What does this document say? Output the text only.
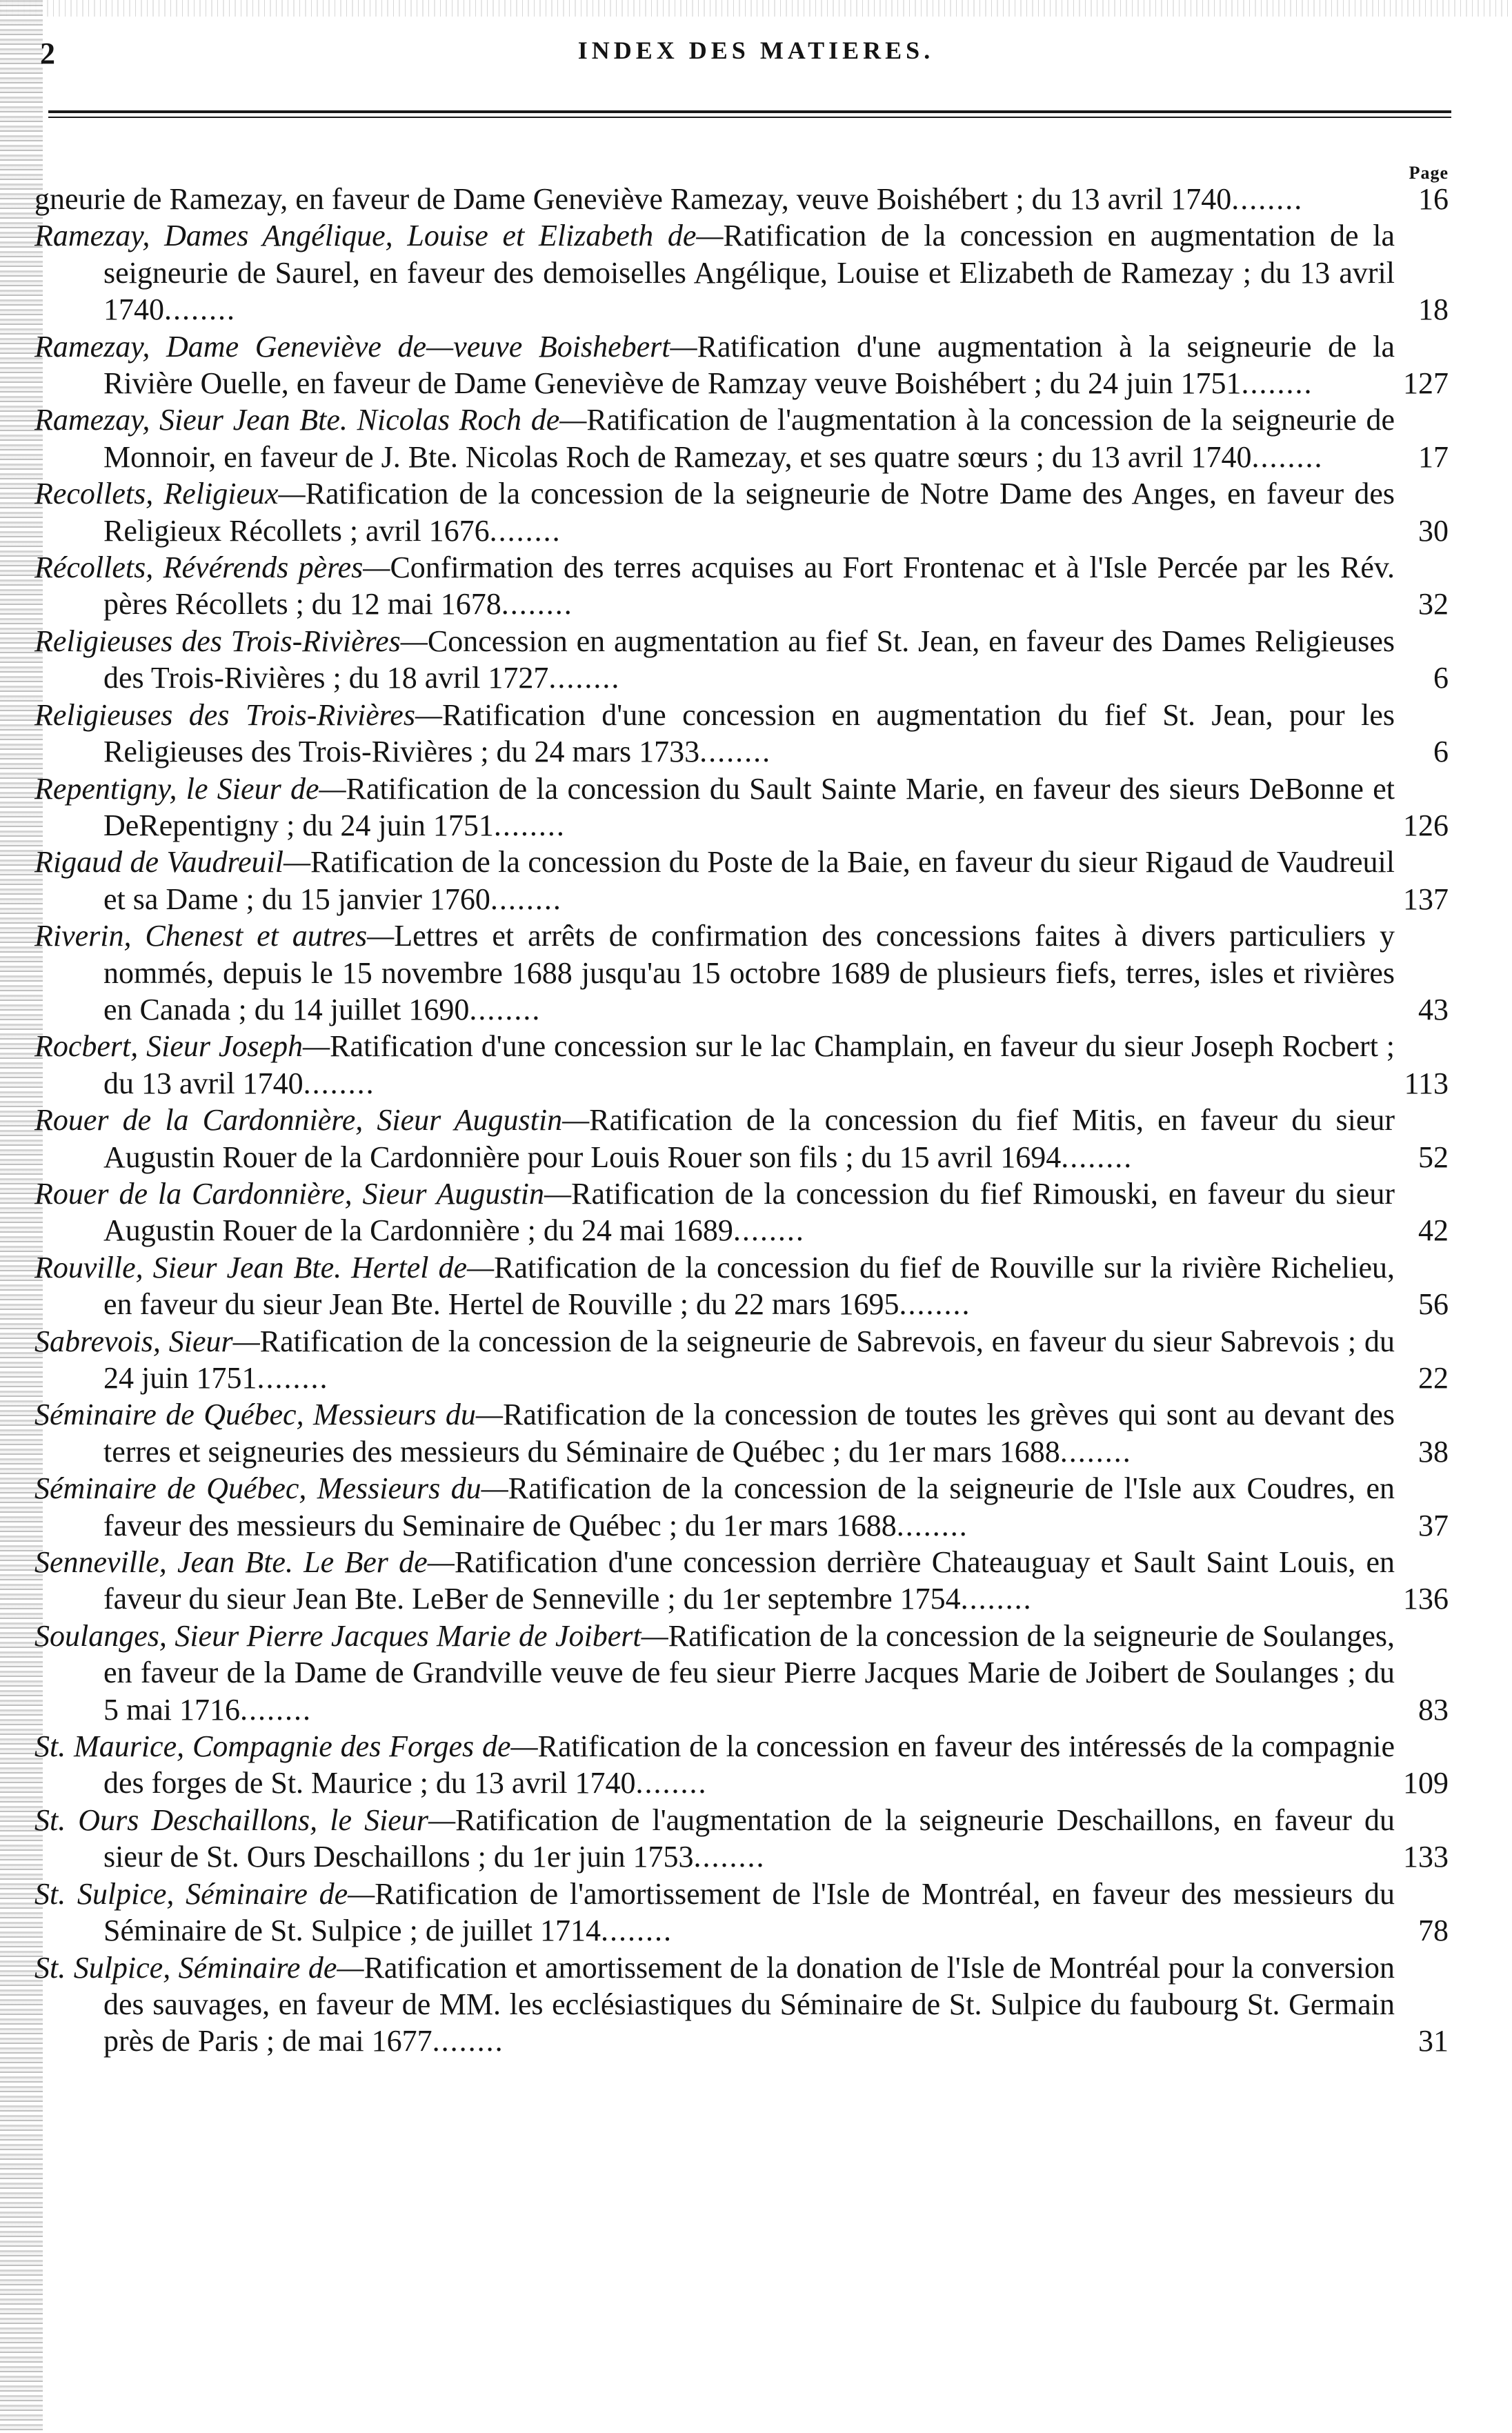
2	INDEX DES MATIERES.
Page

gneurie de Ramezay, en faveur de Dame Geneviève Ramezay, veuve Boishébert ; du 13 avril 1740........	16

Ramezay, Dames Angélique, Louise et Elizabeth de—Ratification de la concession en augmentation de la seigneurie de Saurel, en faveur des demoiselles Angélique, Louise et Elizabeth de Ramezay ; du 13 avril 1740........	18

Ramezay, Dame Geneviève de—veuve Boishebert—Ratification d'une augmentation à la seigneurie de la Rivière Ouelle, en faveur de Dame Geneviève de Ramzay veuve Boishébert ; du 24 juin 1751........	127

Ramezay, Sieur Jean Bte. Nicolas Roch de—Ratification de l'augmentation à la concession de la seigneurie de Monnoir, en faveur de J. Bte. Nicolas Roch de Ramezay, et ses quatre sœurs ; du 13 avril 1740........	17

Recollets, Religieux—Ratification de la concession de la seigneurie de Notre Dame des Anges, en faveur des Religieux Récollets ; avril 1676........	30

Récollets, Révérends pères—Confirmation des terres acquises au Fort Frontenac et à l'Isle Percée par les Rév. pères Récollets ; du 12 mai 1678........	32

Religieuses des Trois-Rivières—Concession en augmentation au fief St. Jean, en faveur des Dames Religieuses des Trois-Rivières ; du 18 avril 1727........	6

Religieuses des Trois-Rivières—Ratification d'une concession en augmentation du fief St. Jean, pour les Religieuses des Trois-Rivières ; du 24 mars 1733........	6

Repentigny, le Sieur de—Ratification de la concession du Sault Sainte Marie, en faveur des sieurs DeBonne et DeRepentigny ; du 24 juin 1751........	126

Rigaud de Vaudreuil—Ratification de la concession du Poste de la Baie, en faveur du sieur Rigaud de Vaudreuil et sa Dame ; du 15 janvier 1760........	137

Riverin, Chenest et autres—Lettres et arrêts de confirmation des concessions faites à divers particuliers y nommés, depuis le 15 novembre 1688 jusqu'au 15 octobre 1689 de plusieurs fiefs, terres, isles et rivières en Canada ; du 14 juillet 1690........	43

Rocbert, Sieur Joseph—Ratification d'une concession sur le lac Champlain, en faveur du sieur Joseph Rocbert ; du 13 avril 1740........	113

Rouer de la Cardonnière, Sieur Augustin—Ratification de la concession du fief Mitis, en faveur du sieur Augustin Rouer de la Cardonnière pour Louis Rouer son fils ; du 15 avril 1694........	52

Rouer de la Cardonnière, Sieur Augustin—Ratification de la concession du fief Rimouski, en faveur du sieur Augustin Rouer de la Cardonnière ; du 24 mai 1689........	42

Rouville, Sieur Jean Bte. Hertel de—Ratification de la concession du fief de Rouville sur la rivière Richelieu, en faveur du sieur Jean Bte. Hertel de Rouville ; du 22 mars 1695........	56

Sabrevois, Sieur—Ratification de la concession de la seigneurie de Sabrevois, en faveur du sieur Sabrevois ; du 24 juin 1751........	22

Séminaire de Québec, Messieurs du—Ratification de la concession de toutes les grèves qui sont au devant des terres et seigneuries des messieurs du Séminaire de Québec ; du 1er mars 1688........	38

Séminaire de Québec, Messieurs du—Ratification de la concession de la seigneurie de l'Isle aux Coudres, en faveur des messieurs du Seminaire de Québec ; du 1er mars 1688........	37

Senneville, Jean Bte. Le Ber de—Ratification d'une concession derrière Chateauguay et Sault Saint Louis, en faveur du sieur Jean Bte. LeBer de Senneville ; du 1er septembre 1754........	136

Soulanges, Sieur Pierre Jacques Marie de Joibert—Ratification de la concession de la seigneurie de Soulanges, en faveur de la Dame de Grandville veuve de feu sieur Pierre Jacques Marie de Joibert de Soulanges ; du 5 mai 1716........	83

St. Maurice, Compagnie des Forges de—Ratification de la concession en faveur des intéressés de la compagnie des forges de St. Maurice ; du 13 avril 1740........	109

St. Ours Deschaillons, le Sieur—Ratification de l'augmentation de la seigneurie Deschaillons, en faveur du sieur de St. Ours Deschaillons ; du 1er juin 1753........	133

St. Sulpice, Séminaire de—Ratification de l'amortissement de l'Isle de Montréal, en faveur des messieurs du Séminaire de St. Sulpice ; de juillet 1714........	78

St. Sulpice, Séminaire de—Ratification et amortissement de la donation de l'Isle de Montréal pour la conversion des sauvages, en faveur de MM. les ecclésiastiques du Séminaire de St. Sulpice du faubourg St. Germain près de Paris ; de mai 1677........	31
